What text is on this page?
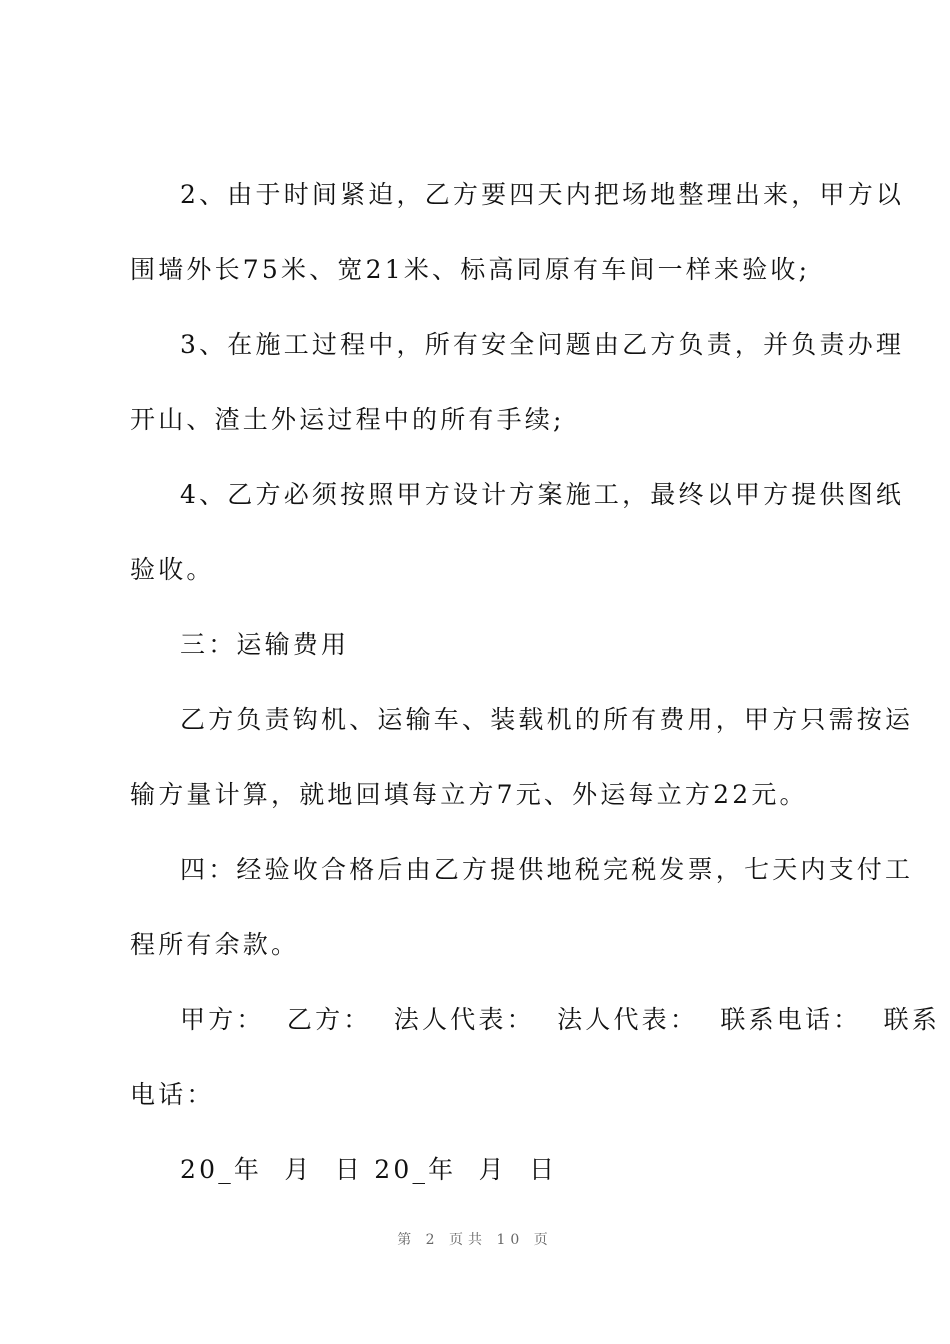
2、由于时间紧迫，乙方要四天内把场地整理出来，甲方以
围墙外长75米、宽21米、标高同原有车间一样来验收;
3、在施工过程中，所有安全问题由乙方负责，并负责办理
开山、渣土外运过程中的所有手续;
4、乙方必须按照甲方设计方案施工，最终以甲方提供图纸
验收。
三：运输费用
乙方负责钩机、运输车、装载机的所有费用，甲方只需按运
输方量计算，就地回填每立方7元、外运每立方22元。
四：经验收合格后由乙方提供地税完税发票，七天内支付工
程所有余款。
甲方：  乙方：  法人代表：  法人代表：  联系电话：  联系
电话：
20_年  月  日 20_年  月  日
第 2 页共 10 页
